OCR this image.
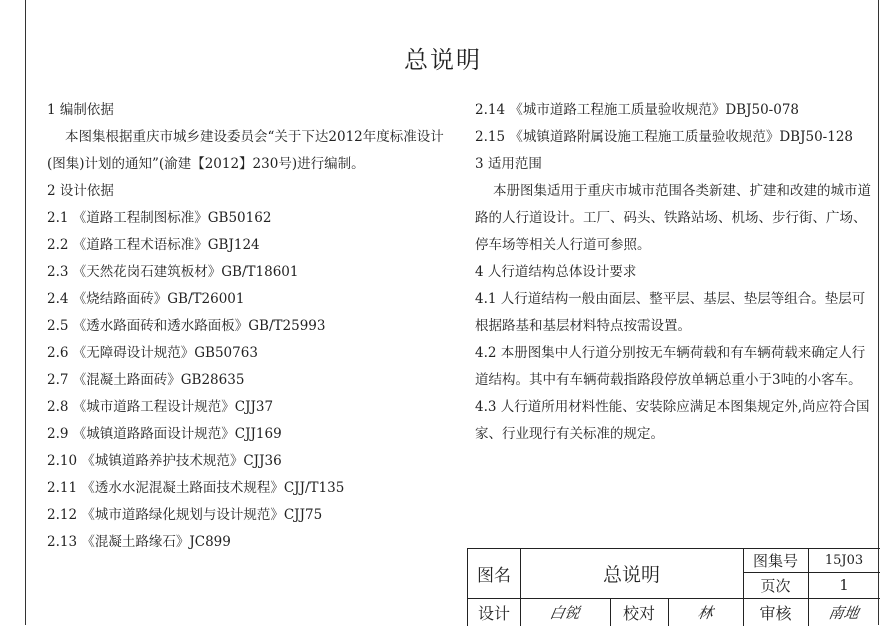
总说明
1 编制依据
本图集根据重庆市城乡建设委员会“关于下达2012年度标准设计
(图集)计划的通知”(渝建【2012】230号)进行编制。
2 设计依据
2.1 《道路工程制图标准》GB50162
2.2 《道路工程术语标准》GBJ124
2.3 《天然花岗石建筑板材》GB/T18601
2.4 《烧结路面砖》GB/T26001
2.5 《透水路面砖和透水路面板》GB/T25993
2.6 《无障碍设计规范》GB50763
2.7 《混凝土路面砖》GB28635
2.8 《城市道路工程设计规范》CJJ37
2.9 《城镇道路路面设计规范》CJJ169
2.10 《城镇道路养护技术规范》CJJ36
2.11 《透水水泥混凝土路面技术规程》CJJ/T135
2.12 《城市道路绿化规划与设计规范》CJJ75
2.13 《混凝土路缘石》JC899
2.14 《城市道路工程施工质量验收规范》DBJ50-078
2.15 《城镇道路附属设施工程施工质量验收规范》DBJ50-128
3 适用范围
本册图集适用于重庆市城市范围各类新建、扩建和改建的城市道
路的人行道设计。工厂、码头、铁路站场、机场、步行街、广场、
停车场等相关人行道可参照。
4 人行道结构总体设计要求
4.1 人行道结构一般由面层、整平层、基层、垫层等组合。垫层可
根据路基和基层材料特点按需设置。
4.2 本册图集中人行道分别按无车辆荷载和有车辆荷载来确定人行
道结构。其中有车辆荷载指路段停放单辆总重小于3吨的小客车。
4.3 人行道所用材料性能、安装除应满足本图集规定外,尚应符合国
家、行业现行有关标准的规定。
图名	总说明
图集号	15J03
页次	1
设计	白锐	校对	林	审核	南地
